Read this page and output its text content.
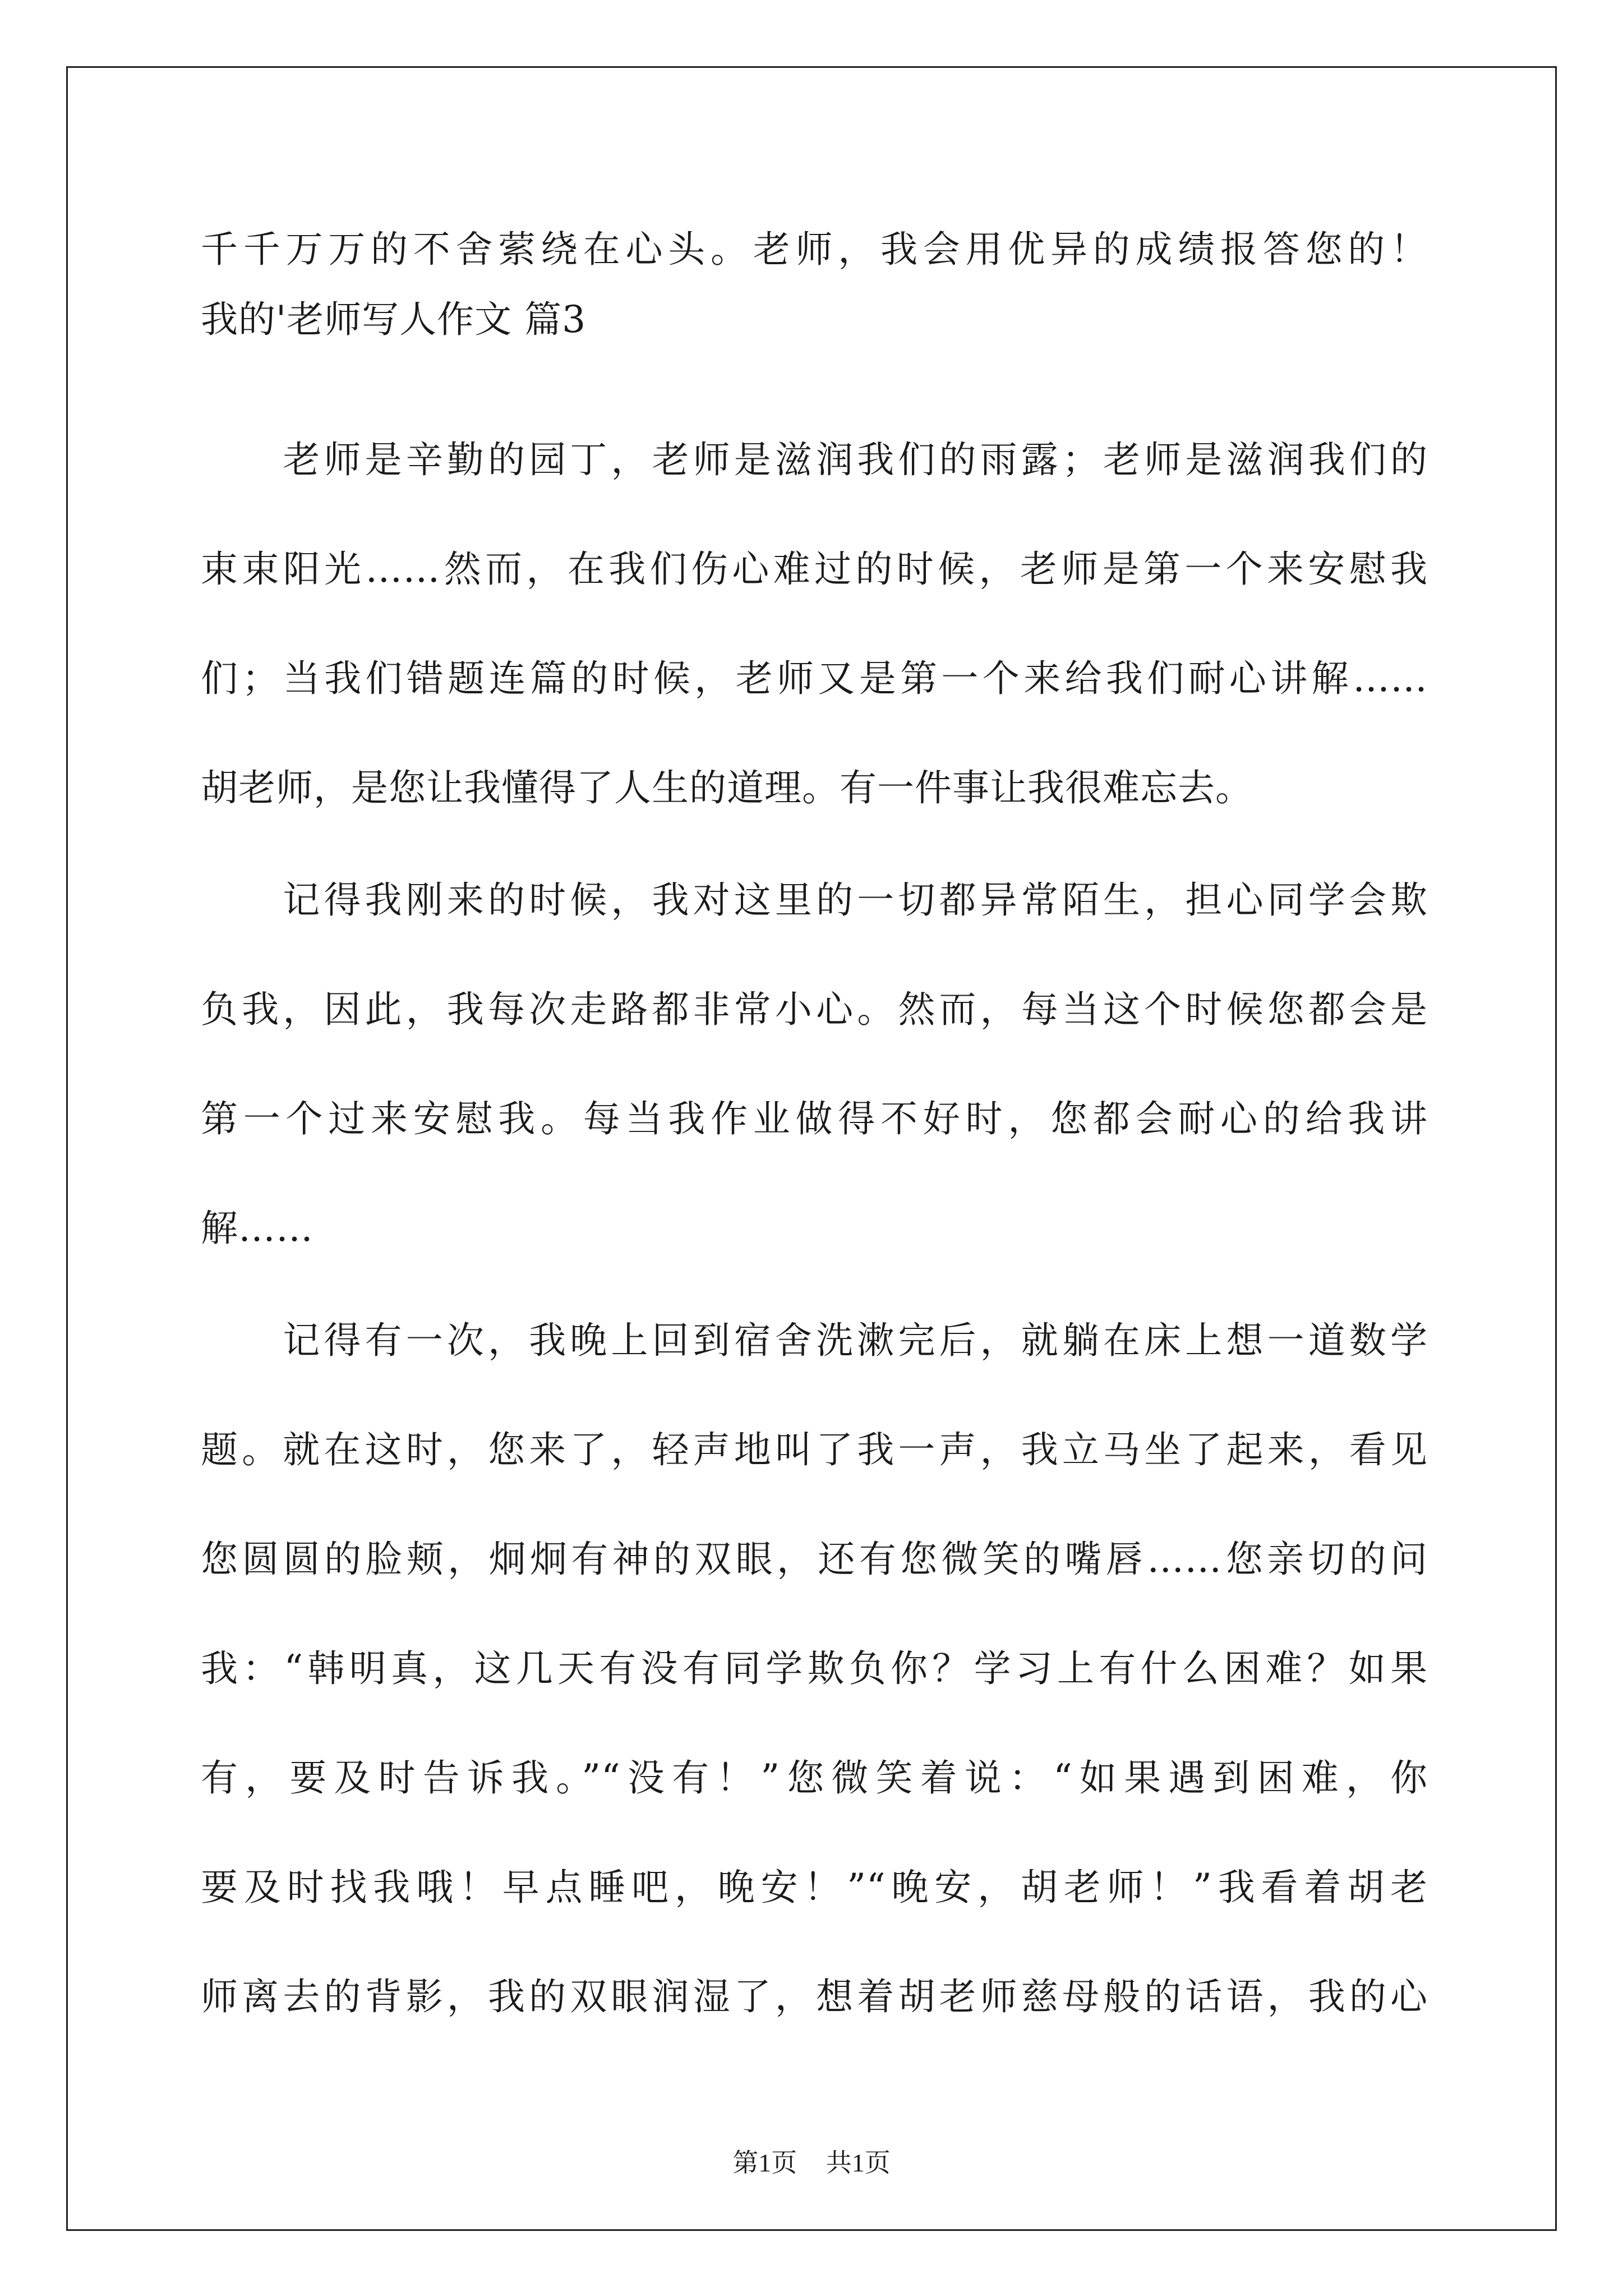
千千万万的不舍萦绕在心头。老师，我会用优异的成绩报答您的！
我的'老师写人作文 篇3
　　老师是辛勤的园丁，老师是滋润我们的雨露；老师是滋润我们的
束束阳光……然而，在我们伤心难过的时候，老师是第一个来安慰我
们；当我们错题连篇的时候，老师又是第一个来给我们耐心讲解……
胡老师，是您让我懂得了人生的道理。有一件事让我很难忘去。
　　记得我刚来的时候，我对这里的一切都异常陌生，担心同学会欺
负我，因此，我每次走路都非常小心。然而，每当这个时候您都会是
第一个过来安慰我。每当我作业做得不好时，您都会耐心的给我讲
解……
　　记得有一次，我晚上回到宿舍洗漱完后，就躺在床上想一道数学
题。就在这时，您来了，轻声地叫了我一声，我立马坐了起来，看见
您圆圆的脸颊，炯炯有神的双眼，还有您微笑的嘴唇……您亲切的问
我：“韩明真，这几天有没有同学欺负你？学习上有什么困难？如果
有，要及时告诉我。”“没有！”您微笑着说：“如果遇到困难，你
要及时找我哦！早点睡吧，晚安！”“晚安，胡老师！”我看着胡老
师离去的背影，我的双眼润湿了，想着胡老师慈母般的话语，我的心
第1页 共1页
